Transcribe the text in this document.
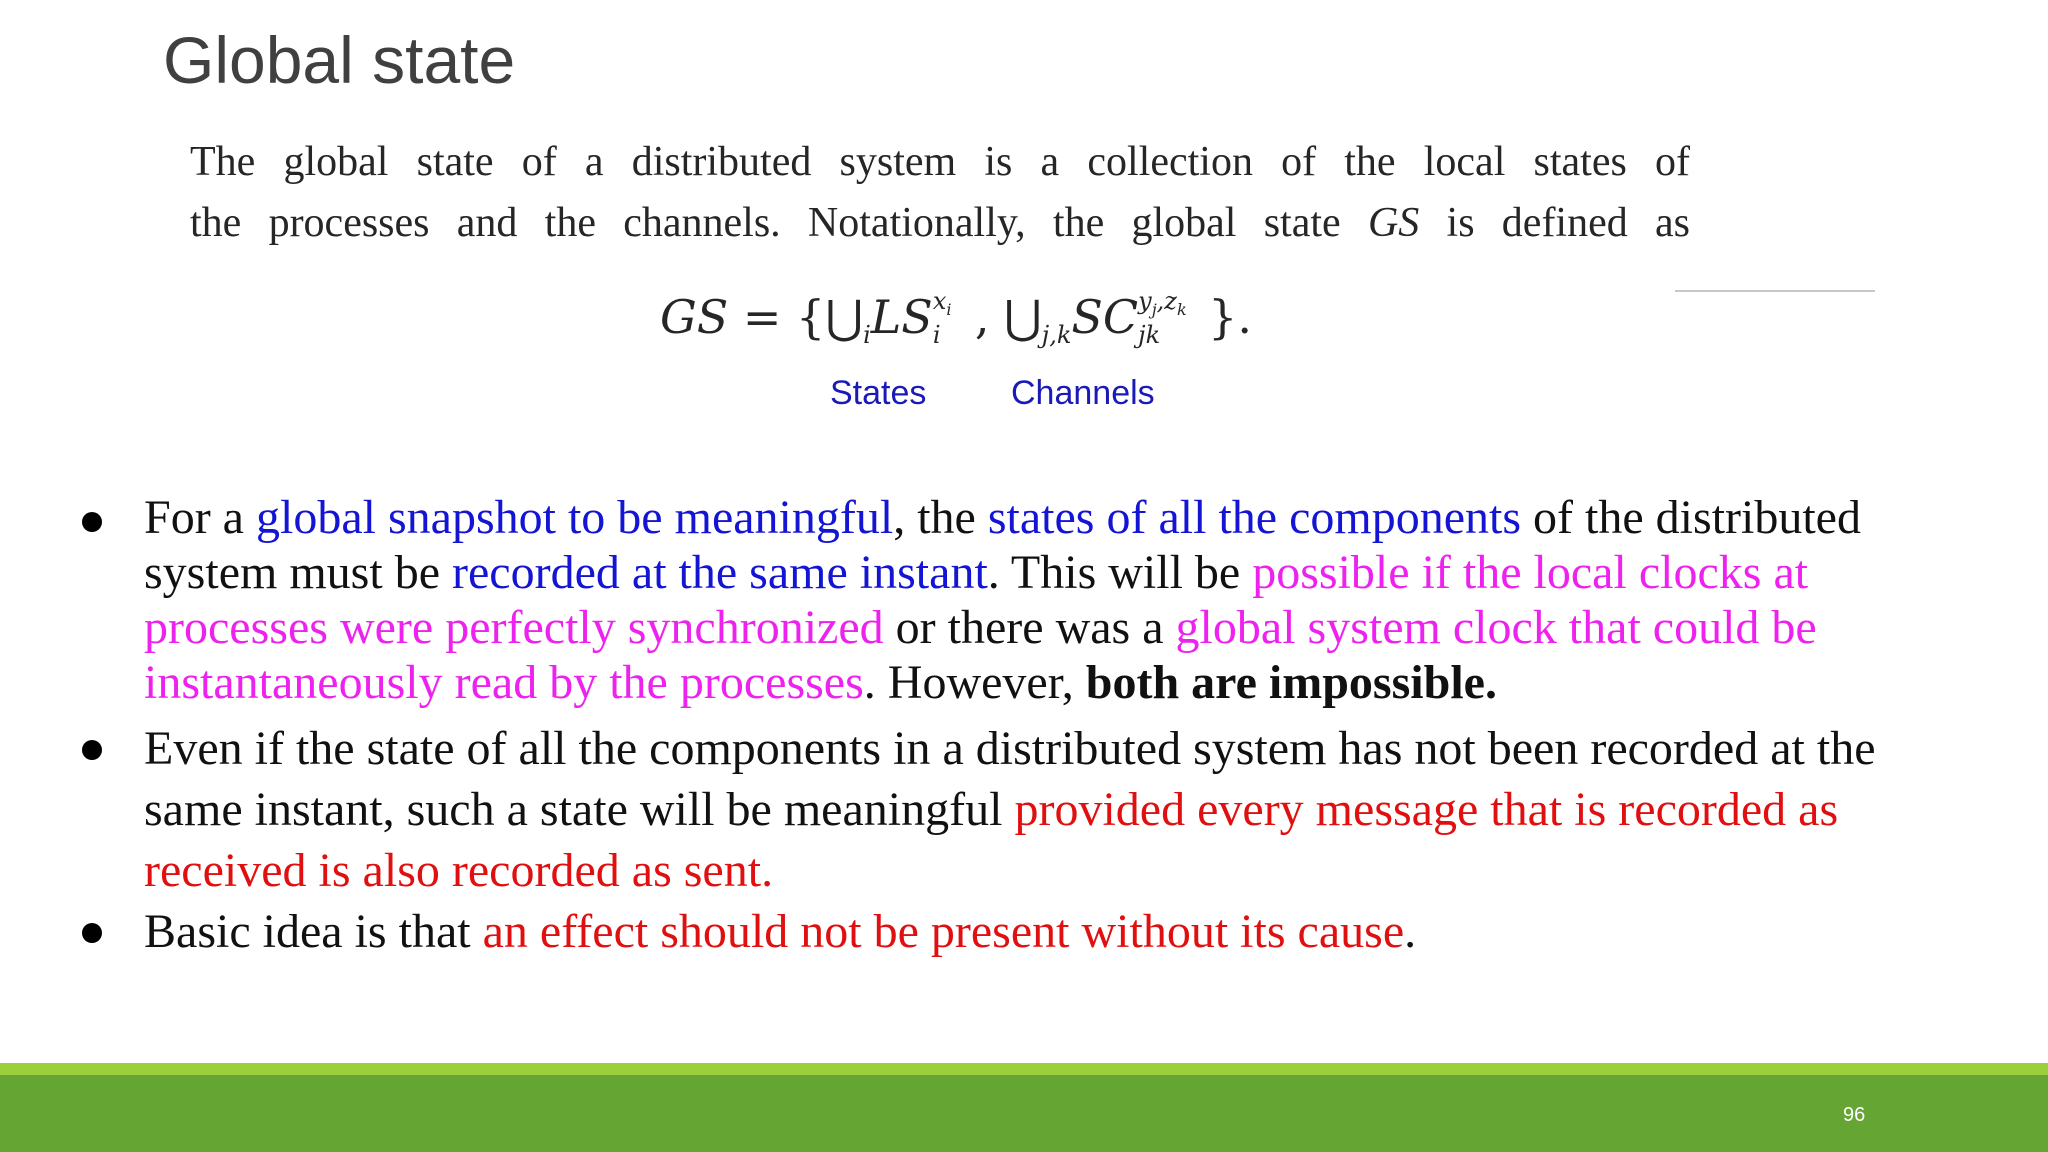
Global state
The global state of a distributed system is a collection of the local states of
the processes and the channels. Notationally, the global state GS is defined as
GS = {$⋃_iLS$ $x_i$
i , $⋃_{j,k}SC$ $y_j,z_k$
jk }.
States Channels

For a global snapshot to be meaningful, the states of all the components of the distributed system must be recorded at the same instant. This will be possible if the local clocks at processes were perfectly synchronized or there was a global system clock that could be instantaneously read by the processes. However, both are impossible.

Even if the state of all the components in a distributed system has not been recorded at the same instant, such a state will be meaningful provided every message that is recorded as received is also recorded as sent.

Basic idea is that an effect should not be present without its cause.

96
